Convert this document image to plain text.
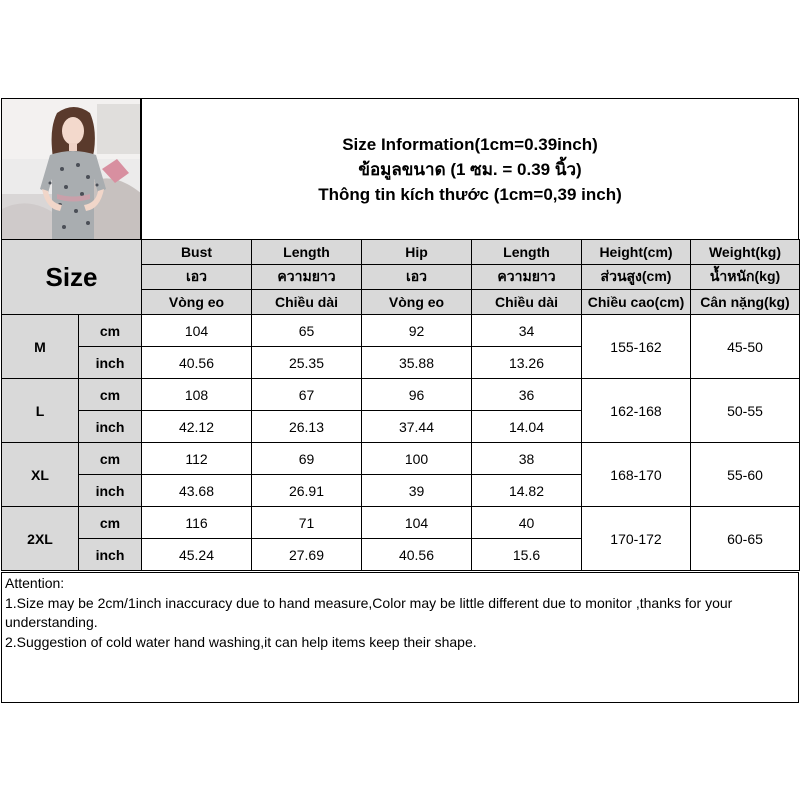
Size Information(1cm=0.39inch)
ข้อมูลขนาด (1 ซม. = 0.39 นิ้ว)
Thông tin kích thước (1cm=0,39 inch)
Size		Bust	Length	Hip	Length	Height(cm)	Weight(kg)
		เอว	ความยาว	เอว	ความยาว	ส่วนสูง(cm)	น้ำหนัก(kg)
		Vòng eo	Chiều dài	Vòng eo	Chiều dài	Chiều cao(cm)	Cân nặng(kg)
M	cm	104	65	92	34	155-162	45-50
	inch	40.56	25.35	35.88	13.26		
L	cm	108	67	96	36	162-168	50-55
	inch	42.12	26.13	37.44	14.04		
XL	cm	112	69	100	38	168-170	55-60
	inch	43.68	26.91	39	14.82		
2XL	cm	116	71	104	40	170-172	60-65
	inch	45.24	27.69	40.56	15.6		
Attention:
1.Size may be 2cm/1inch inaccuracy due to hand measure,Color may be little different due to monitor ,thanks for your understanding.
2.Suggestion of cold water hand washing,it can help items keep their shape.
